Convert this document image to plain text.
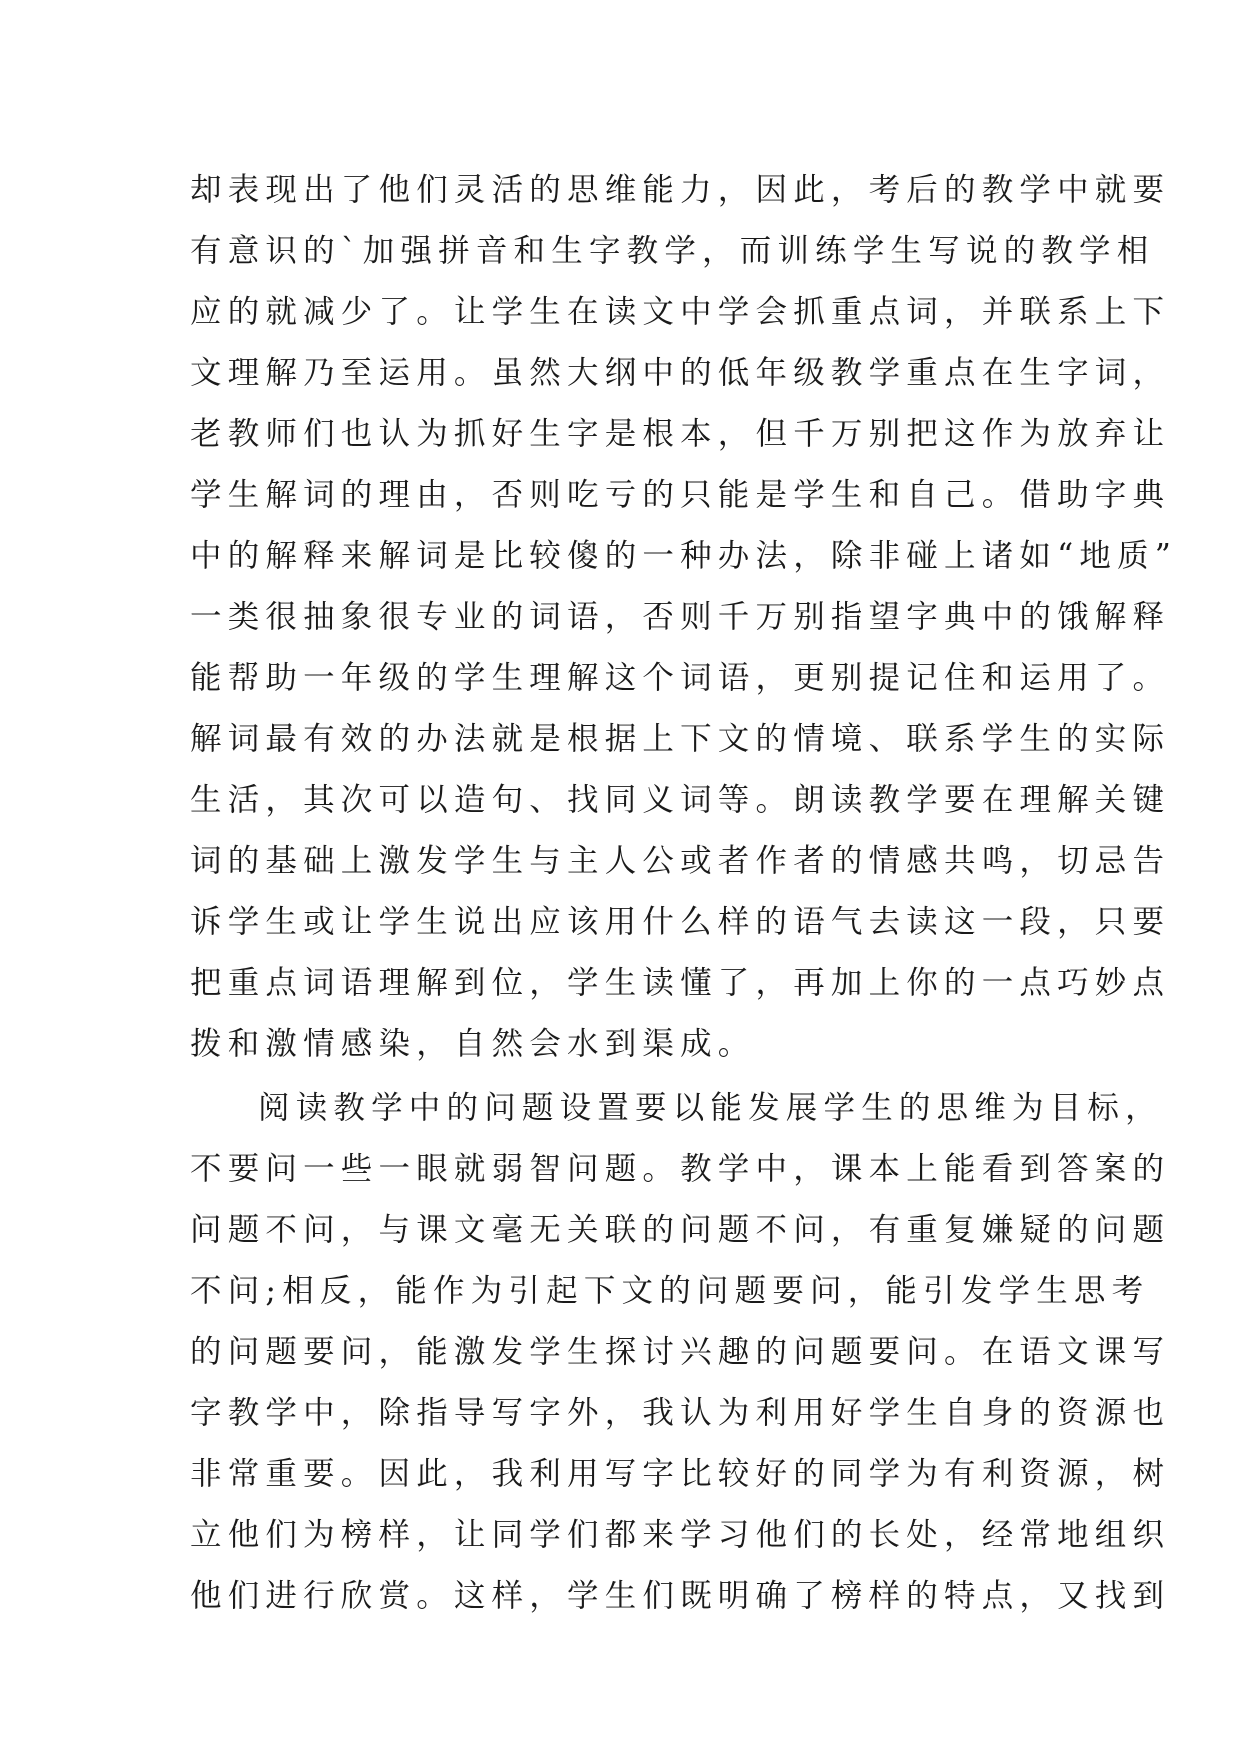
却表现出了他们灵活的思维能力，因此，考后的教学中就要
有意识的`加强拼音和生字教学，而训练学生写说的教学相
应的就减少了。让学生在读文中学会抓重点词，并联系上下
文理解乃至运用。虽然大纲中的低年级教学重点在生字词，
老教师们也认为抓好生字是根本，但千万别把这作为放弃让
学生解词的理由，否则吃亏的只能是学生和自己。借助字典
中的解释来解词是比较傻的一种办法，除非碰上诸如“地质”
一类很抽象很专业的词语，否则千万别指望字典中的饿解释
能帮助一年级的学生理解这个词语，更别提记住和运用了。
解词最有效的办法就是根据上下文的情境、联系学生的实际
生活，其次可以造句、找同义词等。朗读教学要在理解关键
词的基础上激发学生与主人公或者作者的情感共鸣，切忌告
诉学生或让学生说出应该用什么样的语气去读这一段，只要
把重点词语理解到位，学生读懂了，再加上你的一点巧妙点
拨和激情感染，自然会水到渠成。
阅读教学中的问题设置要以能发展学生的思维为目标，
不要问一些一眼就弱智问题。教学中，课本上能看到答案的
问题不问，与课文毫无关联的问题不问，有重复嫌疑的问题
不问;相反，能作为引起下文的问题要问，能引发学生思考
的问题要问，能激发学生探讨兴趣的问题要问。在语文课写
字教学中，除指导写字外，我认为利用好学生自身的资源也
非常重要。因此，我利用写字比较好的同学为有利资源，树
立他们为榜样，让同学们都来学习他们的长处，经常地组织
他们进行欣赏。这样，学生们既明确了榜样的特点，又找到
